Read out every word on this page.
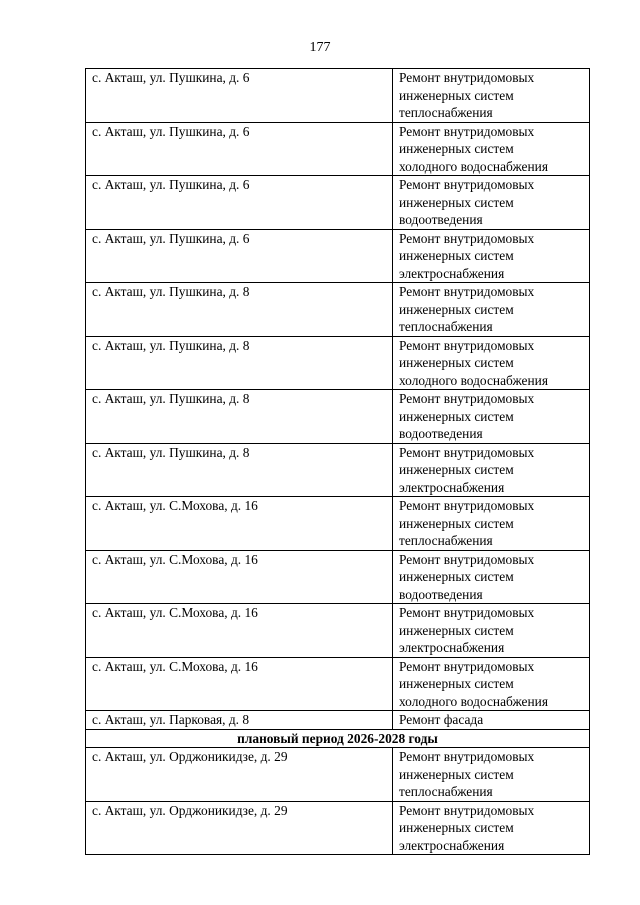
177
с. Акташ, ул. Пушкина, д. 6	Ремонт внутридомовых
инженерных систем
теплоснабжения

с. Акташ, ул. Пушкина, д. 6	Ремонт внутридомовых
инженерных систем
холодного водоснабжения

с. Акташ, ул. Пушкина, д. 6	Ремонт внутридомовых
инженерных систем
водоотведения

с. Акташ, ул. Пушкина, д. 6	Ремонт внутридомовых
инженерных систем
электроснабжения

с. Акташ, ул. Пушкина, д. 8	Ремонт внутридомовых
инженерных систем
теплоснабжения

с. Акташ, ул. Пушкина, д. 8	Ремонт внутридомовых
инженерных систем
холодного водоснабжения

с. Акташ, ул. Пушкина, д. 8	Ремонт внутридомовых
инженерных систем
водоотведения

с. Акташ, ул. Пушкина, д. 8	Ремонт внутридомовых
инженерных систем
электроснабжения

с. Акташ, ул. С.Мохова, д. 16	Ремонт внутридомовых
инженерных систем
теплоснабжения

с. Акташ, ул. С.Мохова, д. 16	Ремонт внутридомовых
инженерных систем
водоотведения

с. Акташ, ул. С.Мохова, д. 16	Ремонт внутридомовых
инженерных систем
электроснабжения

с. Акташ, ул. С.Мохова, д. 16	Ремонт внутридомовых
инженерных систем
холодного водоснабжения

с. Акташ, ул. Парковая, д. 8	Ремонт фасада

плановый период 2026-2028 годы	
с. Акташ, ул. Орджоникидзе, д. 29	Ремонт внутридомовых
инженерных систем
теплоснабжения

с. Акташ, ул. Орджоникидзе, д. 29	Ремонт внутридомовых
инженерных систем
электроснабжения
